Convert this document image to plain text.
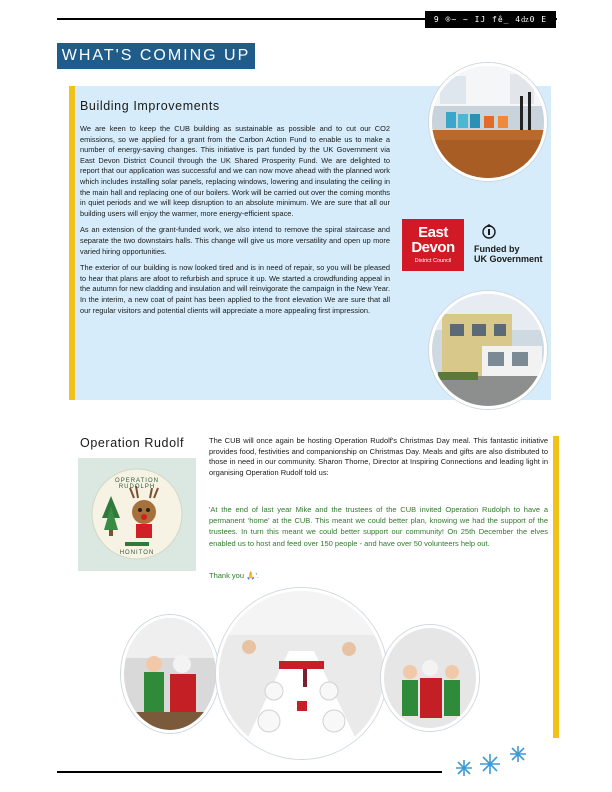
9 ®~ ~ IJ fê_ 4ǳ0 E ^lIJ fx? f ]
WHAT'S COMING UP
Building Improvements

We are keen to keep the CUB building as sustainable as possible and to cut our CO2 emissions, so we applied for a grant from the Carbon Action Fund to enable us to make a number of energy-saving changes. This initiative is part funded by the UK Government via East Devon District Council through the UK Shared Prosperity Fund. We are delighted to report that our application was successful and we can now move ahead with the planned work which includes installing solar panels, replacing windows, lowering and insulating the ceiling in the main hall and replacing one of our boilers. Work will be carried out over the coming months in quiet periods and we will keep disruption to an absolute minimum. We are sure that all our building users will enjoy the warmer, more energy-efficient space.

As an extension of the grant-funded work, we also intend to remove the spiral staircase and separate the two downstairs halls. This change will give us more versatility and open up more varied hiring opportunities.

The exterior of our building is now looked tired and is in need of repair, so you will be pleased to hear that plans are afoot to refurbish and spruce it up. We started a crowdfunding appeal in the autumn for new cladding and insulation and will reinvigorate the campaign in the New Year. In the interim, a new coat of paint has been applied to the front elevation We are sure that all our regular visitors and potential clients will appreciate a more appealing first impression.

East
Devon
District Council
Funded by
UK Government
Operation Rudolf
OPERATION RUDOLPH
HONITON

The CUB will once again be hosting Operation Rudolf's Christmas Day meal. This fantastic initiative provides food, festivities and companionship on Christmas Day. Meals and gifts are also distributed to those in need in our community. Sharon Thorne, Director at Inspiring Connections and leading light in organising Operation Rudolf told us:

'At the end of last year Mike and the trustees of the CUB invited Operation Rudolph to have a permanent ‘home’ at the CUB. This meant we could better plan, knowing we had the support of the trustees. In turn this meant we could better support our community! On 25th December the elves enabled us to host and feed over 150 people - and have over 50 volunteers help out.
Thank you 🙏'.
